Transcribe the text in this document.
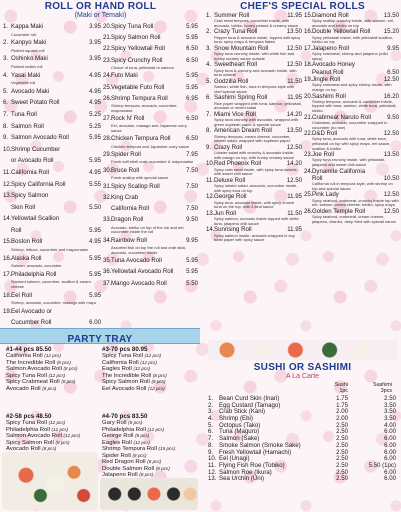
ROLL OR HAND ROLL
(Maki or Temaki)
1. Kappa Maki	3.95
Cucumber roll
2. Kanpyo Maki	3.95
Pickled squash roll
3. Oshinko Maki	3.95
Pickled radish roll
4. Yasai Maki	4.95
Vegetable roll
5. Avocado Maki	4.95
6. Sweet Potato Roll	4.95
7. Tuna Roll	5.25
8. Salmon Roll	5.25
9. Salmon Avocado Roll	5.95
10.Shrimp Cucumber
or Avocado Roll	5.95
11.California Roll	4.95
12.Spicy California Roll	5.55
13.Spicy Salmon
Skin Roll	5.50
14.Yellowtail Scallion
Roll	5.95
15.Boston Roll	4.95
Shrimp, lettuce, cucumber and mayonnaise
16.Alaska Roll	5.95
Salmon, avocado, cucumber
17.Philadelphia Roll	5.95
Smoked salmon, cucumber, scallion & cream cheese
18.Eel Roll	5.95
Shrimp, avocado, cucumber, masago with mayo
19.Eel Avocado or
Cucumber Roll	6.00
20.Spicy Tuna Roll	5.95
21.Spicy Salmon Roll	5.95
22.Spicy Yellowtail Roll	6.50
23.Spicy Crunchy Roll	6.50
Choice of tuna, yellowtail or salmon
24.Futo Maki	5.95
25.Vegetable Futo Roll	5.95
26.Shrimp Tempura Roll	6.95
Shrimp tempura, avocado, cucumber, mayonnaise
27.Rock N' Roll	6.50
Eel, avocado, masago and Japanese curry sauce
28.Chicken Tempura Roll	6.50
Chicken tempura and Japanese curry sauce
29.Spider Roll	7.95
Fresh soft shell crab, cucumber & mayonnaise
30.Bruce Roll	7.50
Fresh scallop with special sauce
31.Spicy Scallop Roll	7.50
32.King Crab
California Roll	7.50
33.Dragon Roll	9.50
Avocado, tobiko on top of the roll and eel, cucumber inside the roll
34.Rainbow Roll	9.95
Assorted fish on top the roll and crab stick, avocado, cucumber inside
35.Tuna Avocado Roll	5.95
36.Yellowtail Avocado Roll 5.95
37.Mango Avocado Roll	5.50
CHEF'S SPECIAL ROLLS
1. Summer Roll	11.95
Crab meat tempura, cucumber inside, with avocado, tobiko, honey peanut & creamy sauce
2. Crazy Tuna Roll	13.50
Pepper tuna & avocado inside, topped with spicy tuna, spicy mayo & tempura flakes
3. Snow Mountain Roll	12.50
Spicy tuna crunchy inside, with white fish and honey creamy sauce outside
4. Sweetheart Roll	12.50
Spicy tuna & crunchy and avocado inside, with tuna outside
5. Godzilla Roll	11.50
Salmon, white fish, tuna in tempura style with chef special sauce
6. Sashimi Spring Roll	11.95
Rice paper wrapped with tuna, salmon, yellowtail, avocado or mixed salad
7. Miami Vice Roll	14.20
Spicy tuna crunchy with avocado, wrapped with green soybean paper & special sauce
8. American Dream Roll 13.50
Shrimp tempura, cream cheese, cucumber, lobster salad, wrapped with soybean paper
9. Crazy Roll	12.50
Lobster salad with crunchy & avocado inside, with mango on top, with honey creamy sauce
10.Red Phoenix Roll	14.20
Spicy crab meat inside, with spicy tuna outside, with sweet chili sauce
11.Deluxe Roll	12.50
Spicy lobster salad, avocado, cucumber inside, with spicy tuna on top
12.George Roll	11.95
Spicy tuna, avocado inside, with spicy crunch tuna on the top, with 3 kind sauce
13.Jun Roll	11.50
Spicy salmon, avocado inside topped with white tuna, jalapeno chili sauce
14.Sunrising Roll	11.95
Spicy salmon inside, avocado wrapped in soy bean paper with spicy sauce
15.Diamond Roll	13.50
Spicy scallop crunchy inside, with salmon, eel, avocado and tobiko on top
16.Double Yellowtail Roll 15.20
Spicy yellowtail inside, with yellowtail scallion, tobiko on top
17.Jalapeno Roll	9.95
Spicy crabmeat, shrimp and jalapeno (mild spicy)
18.Avocado Honey
Peanut Roll	6.50
19.Jingle Roll	12.50
Spicy crabmeat and spicy shrimp inside, with mango on top
20.Sashimi Roll	16.20
Shrimp tempura, avocado & cucumber inside, topped with tuna, salmon, white tuna, yellowtail, tobiko
21.Crabmeat Naruto Roll	9.50
Crabmeat, avocado, cucumber wrapped in cucumber (no rice)
22.D&D Roll	12.50
Spicy tuna, avocado with tuna, white tuna, yellowtail on top with spicy mayo, eel sauce, scallion & tobiko
23.Joe Roll	13.50
Spicy tuna crunchy inside, with yellowtail, jalapeno and sweet chili sauce
24.Dynamite California
Roll	10.50
California roll in tempura style, with shrimp on top and special sauce
25.Pink Lady	12.50
Spicy seafood, crabmeat, crunchy inside top with eel, salmon, cream cheese, tobiko, spicy mayo
26.Golden Temple Roll	12.50
Spicy seafood, crabmeat, cream cheese, jalapeno, cilantro, deep fried with special sauce
PARTY TRAY
#1-#4 pcs 85.50
California Roll (12 pcs)
The Incredible Roll (8 pcs)
Salmon Avocado Roll (8 pcs)
Spicy Tuna Roll (12 pcs)
Spicy Crabmeat Roll (8 pcs)
Avocado Roll (8 pcs)
#3-70 pcs 80.95
Spicy Tuna Roll (12 pcs)
California Roll (12 pcs)
Eagles Roll (12 pcs)
The Incredible Roll (8 pcs)
Spicy Salmon Roll (8 pcs)
Eel Avocado Roll (12 pcs)
#2-58 pcs 48.50
Spicy Tuna Roll (12 pcs)
Philadelphia Roll (12 pcs)
Salmon Avocado Roll (12 pcs)
Spicy Salmon Roll (8 pcs)
Avocado Roll (8 pcs)
#4-70 pcs 83.50
Gary Roll (8 pcs)
Philadelphia Roll (12 pcs)
George Roll (8 pcs)
Eagles Roll (12 pcs)
Shrimp Tempura Roll (15 pcs)
Spider Roll (8 pcs)
Red Dragon Roll (8 pcs)
Double Salmon Roll (8 pcs)
Jalapeno Roll (8 pcs)
SUSHI OR SASHIMI
A La Carte
Sushi
1pc
Sashimi
3pcs
1. Bean Curd Skin (Inari)	1.75	2.50
2. Egg Custard (Tamago)	1.75	3.50
3. Crab Stick (Kani)	2.00	3.50
4. Shrimp (Ebi)	2.00	3.50
5. Octopus (Tako)	2.50	4.00
6. Tuna (Maguro)	2.50	6.00
7. Salmon (Sake)	2.50	6.00
8. Smoke Salmon (Smoke Sake)	2.50	6.00
9. Fresh Yellowtail (Hamachi)	2.50	6.00
10. Eel (Unagi)	2.50	6.00
11. Flying Fish Roe (Tobiko)	2.50	5.50 (1pc)
12. Salmon Roe (Ikura)	2.50	6.00
13. Sea Urchin (Uni)	2.50	6.00
